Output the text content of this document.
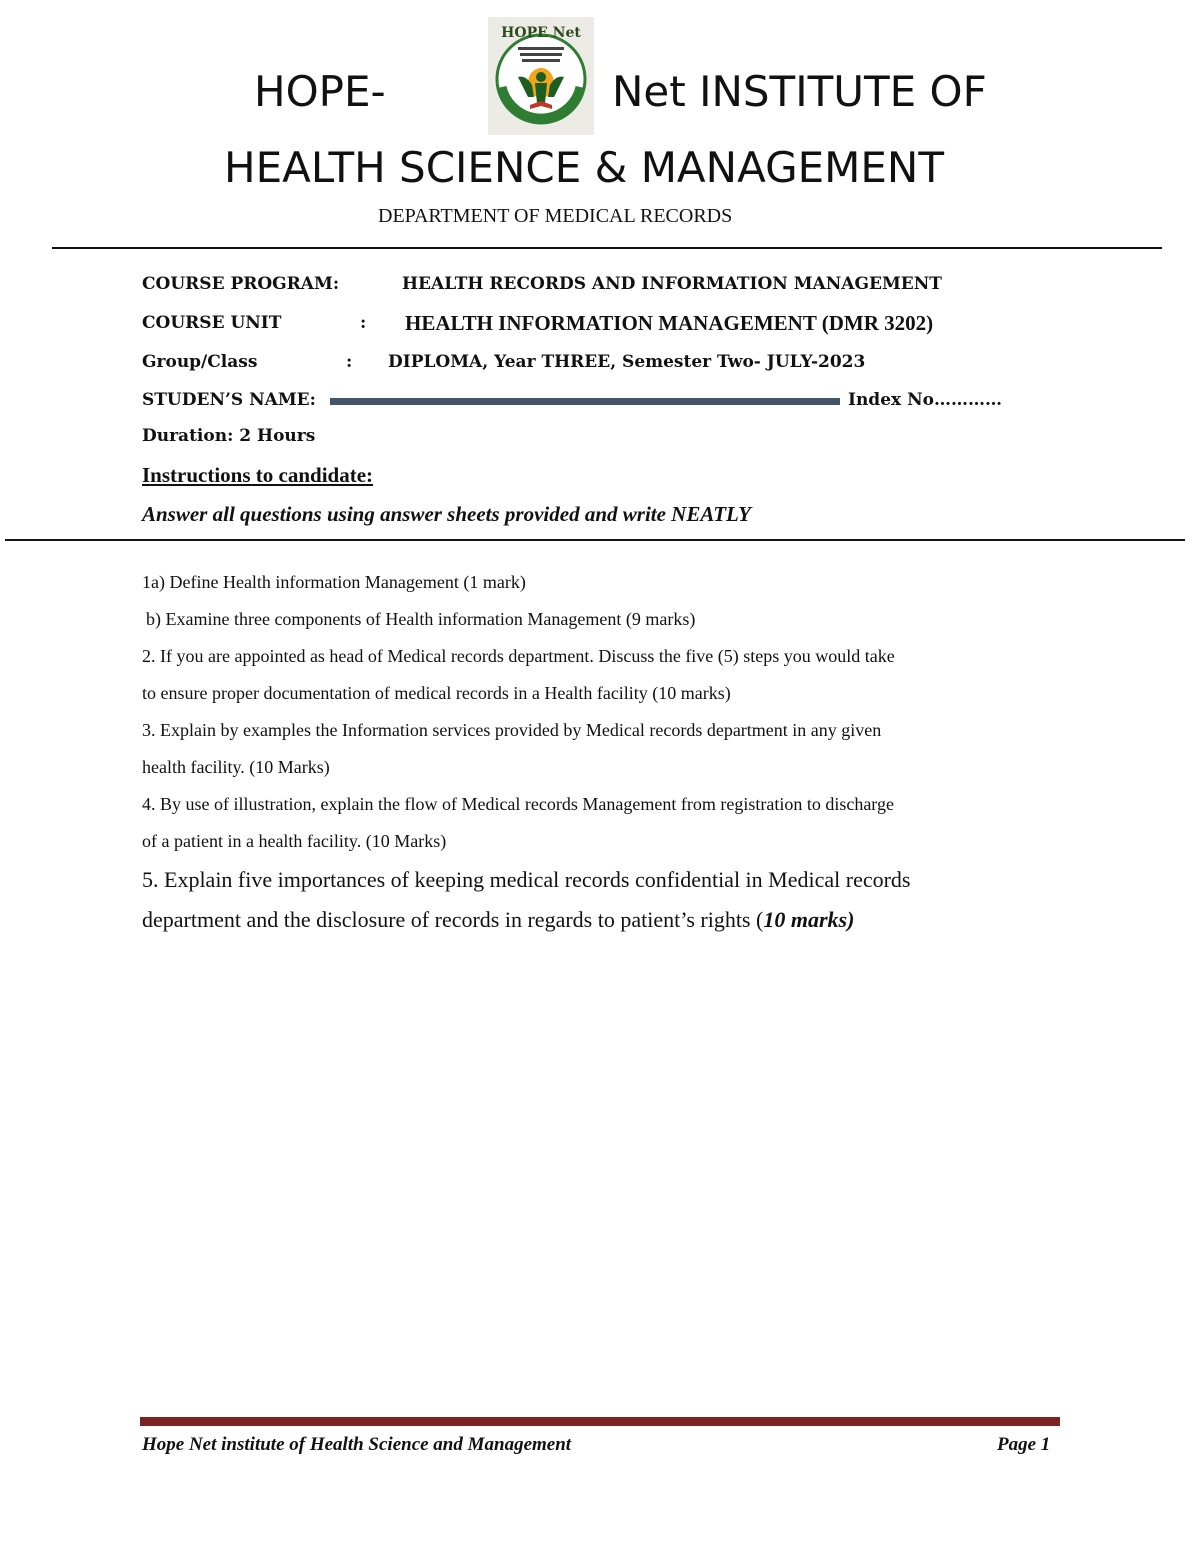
HOPE-
HOPE Net
Net INSTITUTE OF
HEALTH SCIENCE & MANAGEMENT
DEPARTMENT OF MEDICAL RECORDS
COURSE PROGRAM:	HEALTH RECORDS AND INFORMATION MANAGEMENT
COURSE UNIT	: HEALTH INFORMATION MANAGEMENT (DMR 3202)
Group/Class	: DIPLOMA, Year THREE, Semester Two- JULY-2023
STUDEN’S NAME:	Index No…………
Duration: 2 Hours
Instructions to candidate:
Answer all questions using answer sheets provided and write NEATLY
1a) Define Health information Management (1 mark)
b) Examine three components of Health information Management (9 marks)
2. If you are appointed as head of Medical records department. Discuss the five (5) steps you would take
to ensure proper documentation of medical records in a Health facility (10 marks)
3. Explain by examples the Information services provided by Medical records department in any given
health facility. (10 Marks)
4. By use of illustration, explain the flow of Medical records Management from registration to discharge
of a patient in a health facility. (10 Marks)
5. Explain five importances of keeping medical records confidential in Medical records
department and the disclosure of records in regards to patient’s rights (10 marks)
Hope Net institute of Health Science and Management	Page 1
